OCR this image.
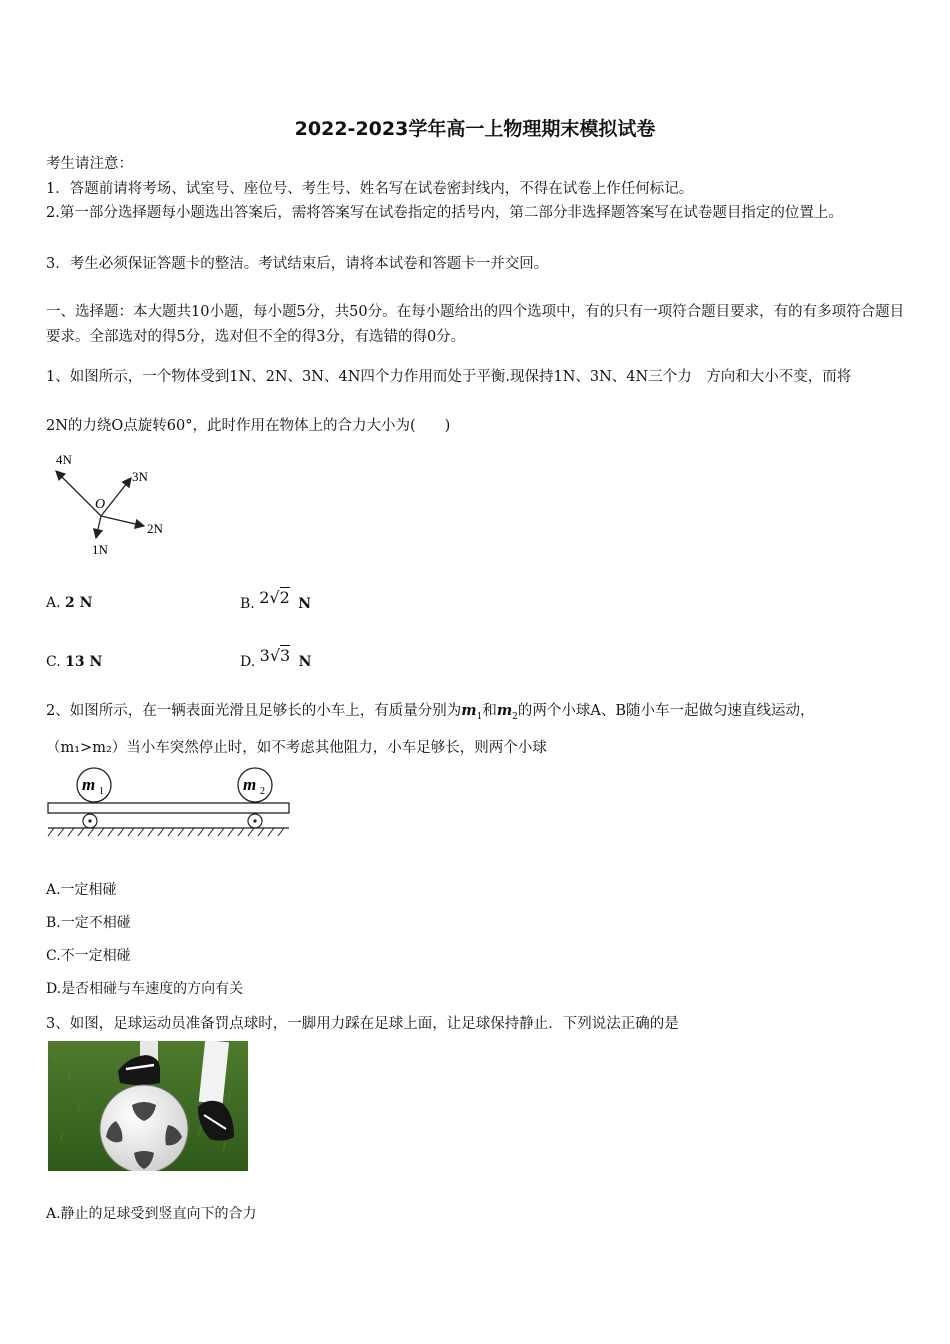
2022-2023学年高一上物理期末模拟试卷
考生请注意：
1．答题前请将考场、试室号、座位号、考生号、姓名写在试卷密封线内，不得在试卷上作任何标记。
2.第一部分选择题每小题选出答案后，需将答案写在试卷指定的括号内，第二部分非选择题答案写在试卷题目指定的位置上。
3．考生必须保证答题卡的整洁。考试结束后，请将本试卷和答题卡一并交回。
一、选择题：本大题共10小题，每小题5分，共50分。在每小题给出的四个选项中，有的只有一项符合题目要求，有的有多项符合题目要求。全部选对的得5分，选对但不全的得3分，有选错的得0分。
1、如图所示，一个物体受到1N、2N、3N、4N四个力作用而处于平衡.现保持1N、3N、4N三个力　方向和大小不变，而将
2N的力绕O点旋转60°，此时作用在物体上的合力大小为(　　)
4N
3N
O
2N
1N
A. 2 N	B. 2√2 N
C. 13 N	D. 3√3 N
2、如图所示，在一辆表面光滑且足够长的小车上，有质量分别为$m_1$和$m_2$的两个小球A、B随小车一起做匀速直线运动，
（m₁>m₂）当小车突然停止时，如不考虑其他阻力，小车足够长，则两个小球
m 1	m 2
A.一定相碰
B.一定不相碰
C.不一定相碰
D.是否相碰与车速度的方向有关
3、如图，足球运动员准备罚点球时，一脚用力踩在足球上面，让足球保持静止．下列说法正确的是
A.静止的足球受到竖直向下的合力
